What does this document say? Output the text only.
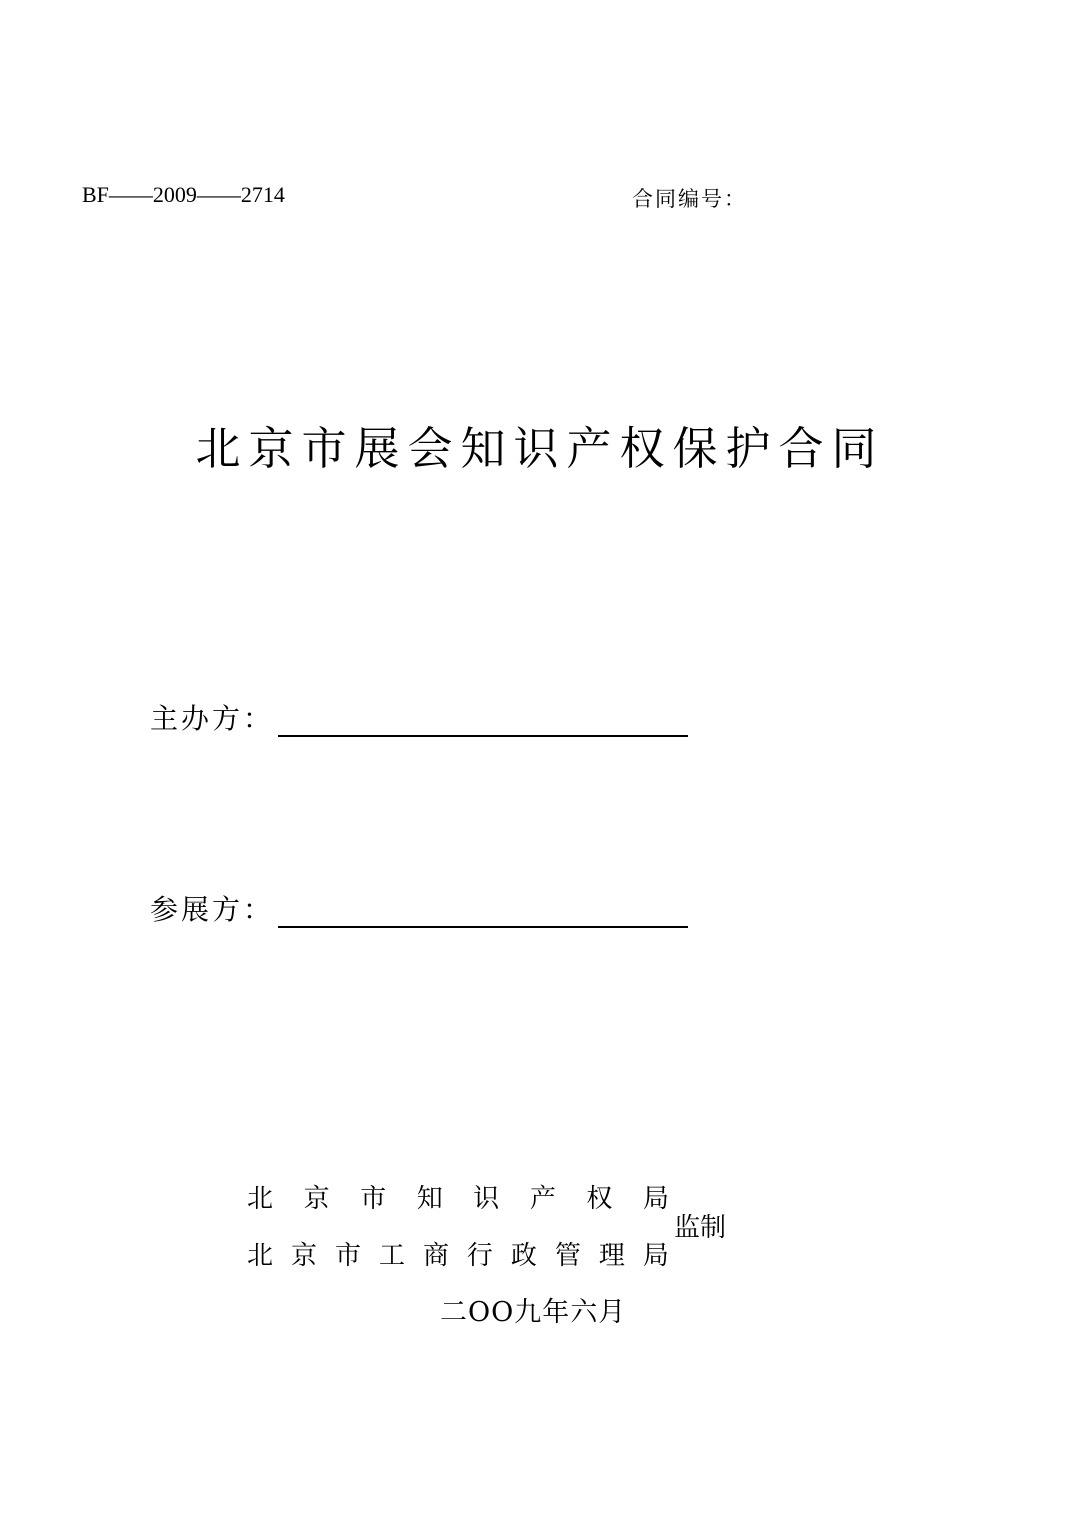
BF——2009——2714	合同编号：
北京市展会知识产权保护合同
主办方：
参展方：
北 京 市 知 识 产 权 局
北 京 市 工 商 行 政 管 理 局
监制
二OO九年六月
